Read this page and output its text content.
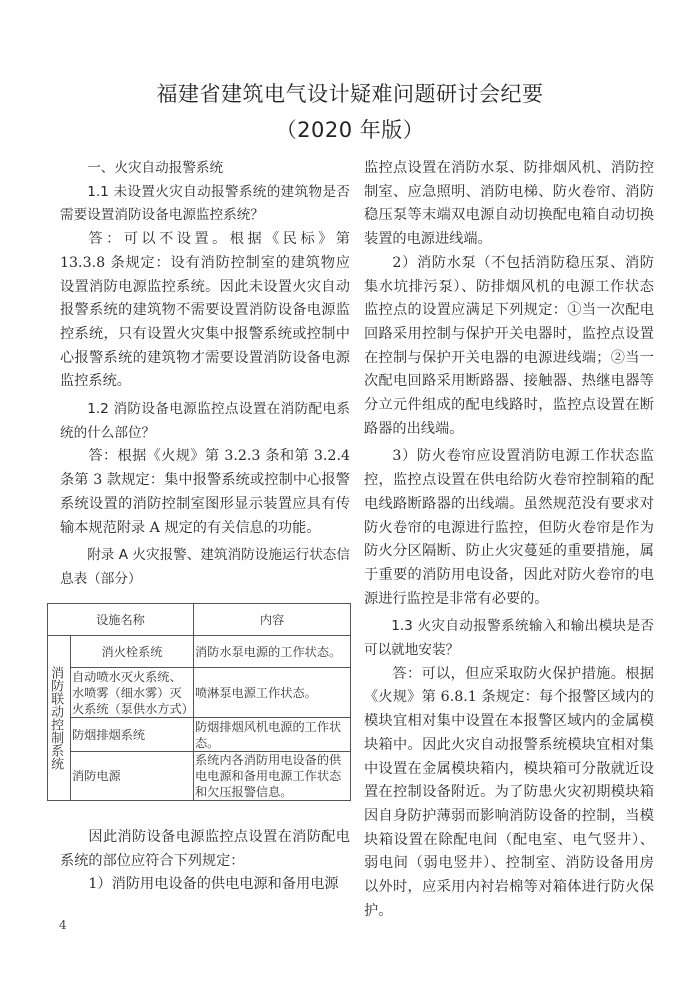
福建省建筑电气设计疑难问题研讨会纪要
（2020 年版）

一、火灾自动报警系统

1.1 未设置火灾自动报警系统的建筑物是否需要设置消防设备电源监控系统？

答：可以不设置。根据《民标》第 13.3.8 条规定：设有消防控制室的建筑物应设置消防电源监控系统。因此未设置火灾自动报警系统的建筑物不需要设置消防设备电源监控系统，只有设置火灾集中报警系统或控制中心报警系统的建筑物才需要设置消防设备电源监控系统。

1.2 消防设备电源监控点设置在消防配电系统的什么部位？

答：根据《火规》第 3.2.3 条和第 3.2.4 条第 3 款规定：集中报警系统或控制中心报警系统设置的消防控制室图形显示装置应具有传输本规范附录 A 规定的有关信息的功能。

附录 A 火灾报警、建筑消防设施运行状态信息表（部分）

设施名称		内容

消防联动控制系统	消火栓系统	消防水泵电源的工作状态。
	自动喷水灭火系统、水喷雾（细水雾）灭火系统（泵供水方式）	喷淋泵电源工作状态。
	防烟排烟系统	防烟排烟风机电源的工作状态。
	消防电源	系统内各消防用电设备的供电电源和备用电源工作状态和欠压报警信息。

因此消防设备电源监控点设置在消防配电系统的部位应符合下列规定：

1）消防用电设备的供电电源和备用电源

监控点设置在消防水泵、防排烟风机、消防控制室、应急照明、消防电梯、防火卷帘、消防稳压泵等末端双电源自动切换配电箱自动切换装置的电源进线端。

2）消防水泵（不包括消防稳压泵、消防集水坑排污泵）、防排烟风机的电源工作状态监控点的设置应满足下列规定：①当一次配电回路采用控制与保护开关电器时，监控点设置在控制与保护开关电器的电源进线端；②当一次配电回路采用断路器、接触器、热继电器等分立元件组成的配电线路时，监控点设置在断路器的出线端。

3）防火卷帘应设置消防电源工作状态监控，监控点设置在供电给防火卷帘控制箱的配电线路断路器的出线端。虽然规范没有要求对防火卷帘的电源进行监控，但防火卷帘是作为防火分区隔断、防止火灾蔓延的重要措施，属于重要的消防用电设备，因此对防火卷帘的电源进行监控是非常有必要的。

1.3 火灾自动报警系统输入和输出模块是否可以就地安装？

答：可以，但应采取防火保护措施。根据《火规》第 6.8.1 条规定：每个报警区域内的模块宜相对集中设置在本报警区域内的金属模块箱中。因此火灾自动报警系统模块宜相对集中设置在金属模块箱内，模块箱可分散就近设置在控制设备附近。为了防患火灾初期模块箱因自身防护薄弱而影响消防设备的控制，当模块箱设置在除配电间（配电室、电气竖井）、弱电间（弱电竖井）、控制室、消防设备用房以外时，应采用内衬岩棉等对箱体进行防火保护。

4
